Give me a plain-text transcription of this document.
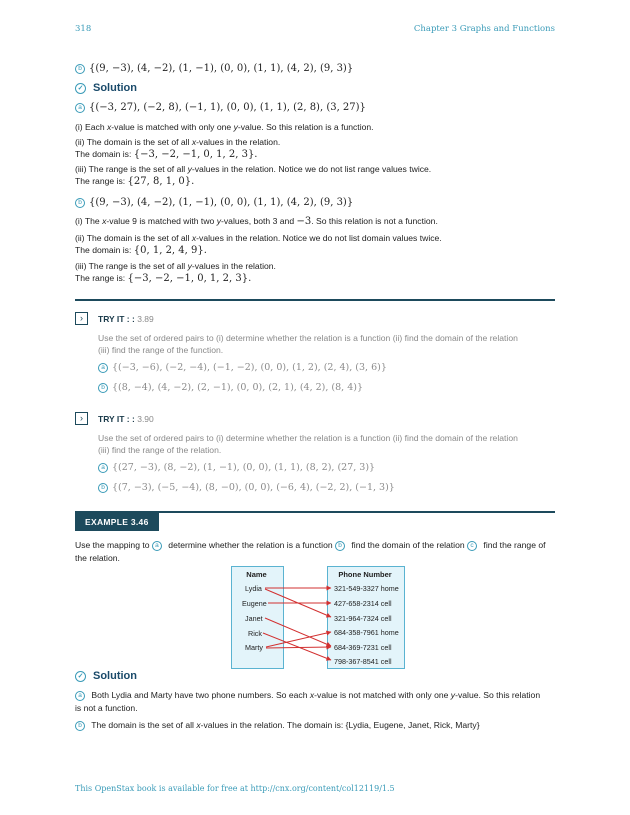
318	Chapter 3 Graphs and Functions
b {(9, −3), (4, −2), (1, −1), (0, 0), (1, 1), (4, 2), (9, 3)}
✓ Solution
a {(−3, 27), (−2, 8), (−1, 1), (0, 0), (1, 1), (2, 8), (3, 27)}
(i) Each x-value is matched with only one y-value. So this relation is a function.
(ii) The domain is the set of all x-values in the relation.
The domain is: {−3, −2, −1, 0, 1, 2, 3}.
(iii) The range is the set of all y-values in the relation. Notice we do not list range values twice.
The range is: {27, 8, 1, 0}.
b {(9, −3), (4, −2), (1, −1), (0, 0), (1, 1), (4, 2), (9, 3)}
(i) The x-value 9 is matched with two y-values, both 3 and −3. So this relation is not a function.
(ii) The domain is the set of all x-values in the relation. Notice we do not list domain values twice.
The domain is: {0, 1, 2, 4, 9}.
(iii) The range is the set of all y-values in the relation.
The range is: {−3, −2, −1, 0, 1, 2, 3}.
›	TRY IT : : 3.89
Use the set of ordered pairs to (i) determine whether the relation is a function (ii) find the domain of the relation
(iii) find the range of the function.
a {(−3, −6), (−2, −4), (−1, −2), (0, 0), (1, 2), (2, 4), (3, 6)}
b {(8, −4), (4, −2), (2, −1), (0, 0), (2, 1), (4, 2), (8, 4)}
›	TRY IT : : 3.90
Use the set of ordered pairs to (i) determine whether the relation is a function (ii) find the domain of the relation
(iii) find the range of the relation.
a {(27, −3), (8, −2), (1, −1), (0, 0), (1, 1), (8, 2), (27, 3)}
b {(7, −3), (−5, −4), (8, −0), (0, 0), (−6, 4), (−2, 2), (−1, 3)}
EXAMPLE 3.46
Use the mapping to a determine whether the relation is a function b find the domain of the relation c find the range of
the relation.
Name	Phone Number
Lydia
Eugene
Janet
Rick
Marty
321-549-3327 home
427-658-2314 cell
321-964-7324 cell
684-358-7961 home
684-369-7231 cell
798-367-8541 cell
✓ Solution
a Both Lydia and Marty have two phone numbers. So each x-value is not matched with only one y-value. So this relation
is not a function.
b The domain is the set of all x-values in the relation. The domain is: {Lydia, Eugene, Janet, Rick, Marty}
This OpenStax book is available for free at http://cnx.org/content/col12119/1.5
